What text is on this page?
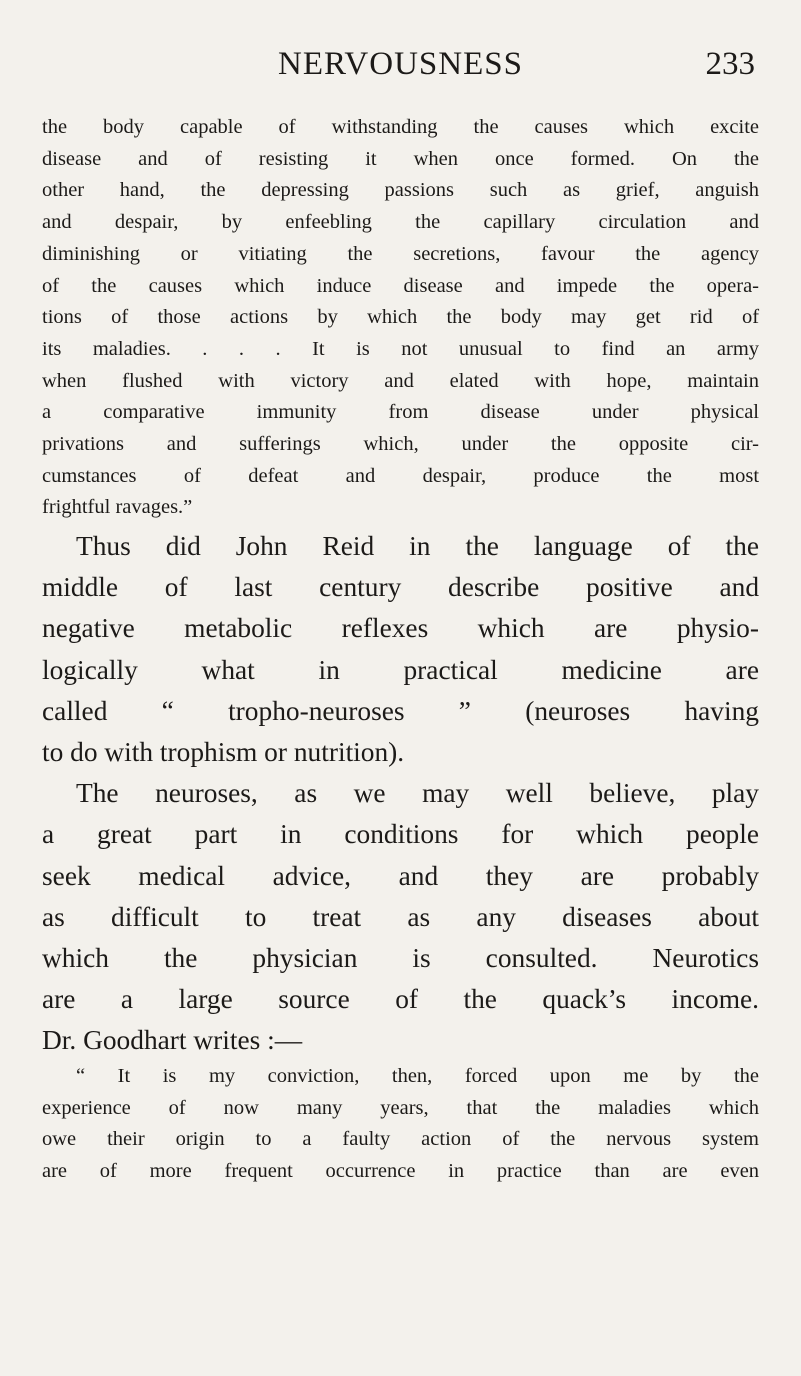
NERVOUSNESS	233
the body capable of withstanding the causes which excite
disease and of resisting it when once formed. On the
other hand, the depressing passions such as grief, anguish
and despair, by enfeebling the capillary circulation and
diminishing or vitiating the secretions, favour the agency
of the causes which induce disease and impede the opera-
tions of those actions by which the body may get rid of
its maladies. . . . It is not unusual to find an army
when flushed with victory and elated with hope, maintain
a comparative immunity from disease under physical
privations and sufferings which, under the opposite cir-
cumstances of defeat and despair, produce the most
frightful ravages.”

Thus did John Reid in the language of the
middle of last century describe positive and
negative metabolic reflexes which are physio-
logically what in practical medicine are
called “ tropho-neuroses ” (neuroses having
to do with trophism or nutrition).

The neuroses, as we may well believe, play
a great part in conditions for which people
seek medical advice, and they are probably
as difficult to treat as any diseases about
which the physician is consulted. Neurotics
are a large source of the quack’s income.
Dr. Goodhart writes :—

“ It is my conviction, then, forced upon me by the
experience of now many years, that the maladies which
owe their origin to a faulty action of the nervous system
are of more frequent occurrence in practice than are even
